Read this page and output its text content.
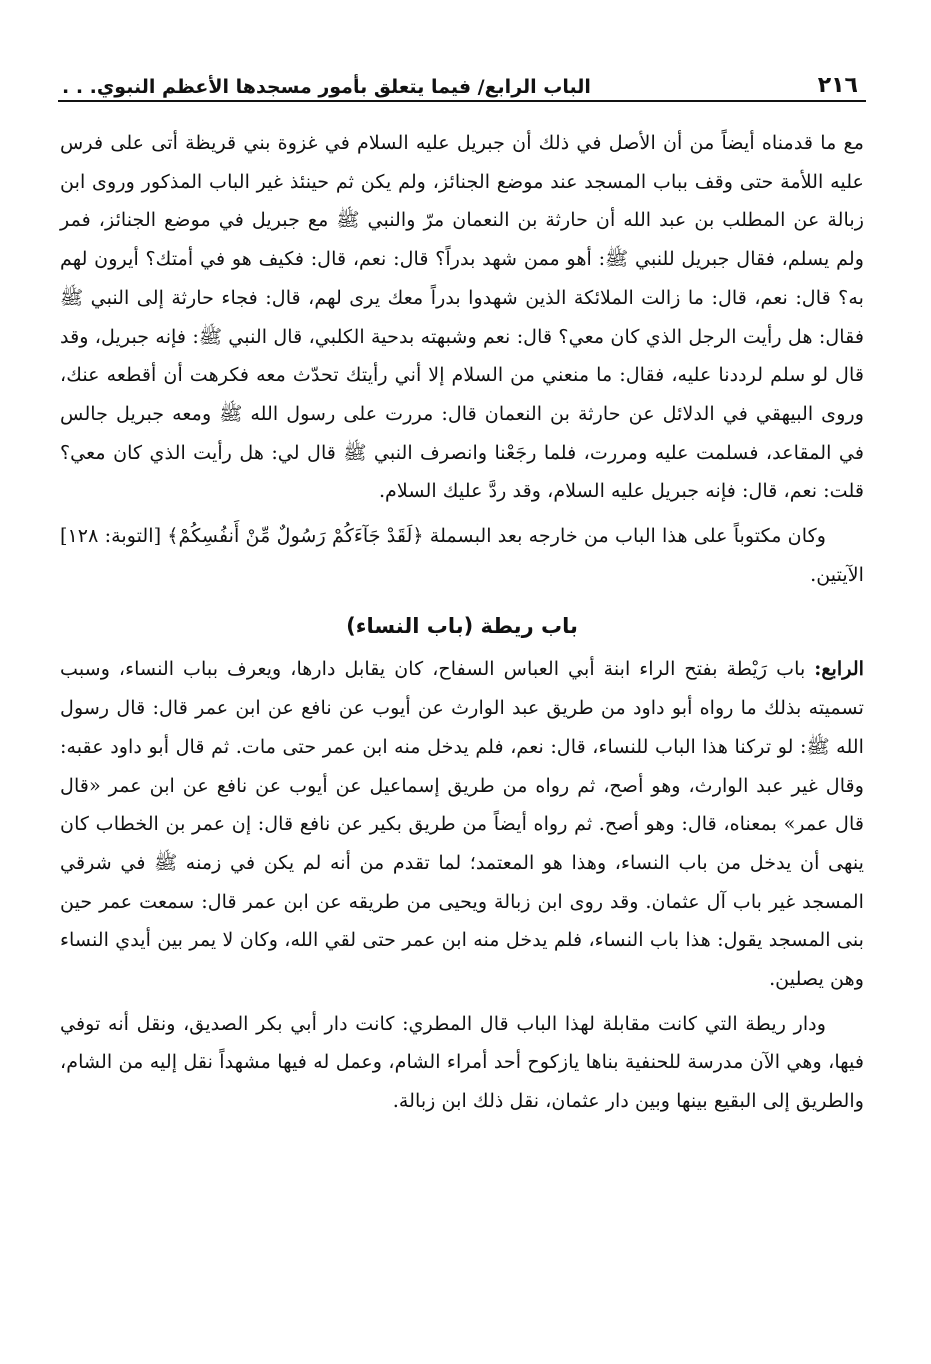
٢١٦
الباب الرابع/ فيما يتعلق بأمور مسجدها الأعظم النبوي. . .

مع ما قدمناه أيضاً من أن الأصل في ذلك أن جبريل عليه السلام في غزوة بني قريظة أتى على فرس عليه اللأمة حتى وقف بباب المسجد عند موضع الجنائز، ولم يكن ثم حينئذ غير الباب المذكور وروى ابن زبالة عن المطلب بن عبد الله أن حارثة بن النعمان مرّ والنبي ﷺ مع جبريل في موضع الجنائز، فمر ولم يسلم، فقال جبريل للنبي ﷺ: أهو ممن شهد بدراً؟ قال: نعم، قال: فكيف هو في أمتك؟ أيرون لهم به؟ قال: نعم، قال: ما زالت الملائكة الذين شهدوا بدراً معك يرى لهم، قال: فجاء حارثة إلى النبي ﷺ فقال: هل رأيت الرجل الذي كان معي؟ قال: نعم وشبهته بدحية الكلبي، قال النبي ﷺ: فإنه جبريل، وقد قال لو سلم لرددنا عليه، فقال: ما منعني من السلام إلا أني رأيتك تحدّث معه فكرهت أن أقطعه عنك، وروى البيهقي في الدلائل عن حارثة بن النعمان قال: مررت على رسول الله ﷺ ومعه جبريل جالس في المقاعد، فسلمت عليه ومررت، فلما رجَعْنا وانصرف النبي ﷺ قال لي: هل رأيت الذي كان معي؟ قلت: نعم، قال: فإنه جبريل عليه السلام، وقد ردَّ عليك السلام.

وكان مكتوباً على هذا الباب من خارجه بعد البسملة ﴿لَقَدْ جَآءَكُمْ رَسُولٌ مِّنْ أَنفُسِكُمْ﴾ [التوبة: ١٢٨] الآيتين.

باب ريطة (باب النساء)

الرابع: باب رَيْطة بفتح الراء ابنة أبي العباس السفاح، كان يقابل دارها، ويعرف بباب النساء، وسبب تسميته بذلك ما رواه أبو داود من طريق عبد الوارث عن أيوب عن نافع عن ابن عمر قال: قال رسول الله ﷺ: لو تركنا هذا الباب للنساء، قال: نعم، فلم يدخل منه ابن عمر حتى مات. ثم قال أبو داود عقبه: وقال غير عبد الوارث، وهو أصح، ثم رواه من طريق إسماعيل عن أيوب عن نافع عن ابن عمر «قال قال عمر» بمعناه، قال: وهو أصح. ثم رواه أيضاً من طريق بكير عن نافع قال: إن عمر بن الخطاب كان ينهى أن يدخل من باب النساء، وهذا هو المعتمد؛ لما تقدم من أنه لم يكن في زمنه ﷺ في شرقي المسجد غير باب آل عثمان. وقد روى ابن زبالة ويحيى من طريقه عن ابن عمر قال: سمعت عمر حين بنى المسجد يقول: هذا باب النساء، فلم يدخل منه ابن عمر حتى لقي الله، وكان لا يمر بين أيدي النساء وهن يصلين.

ودار ريطة التي كانت مقابلة لهذا الباب قال المطري: كانت دار أبي بكر الصديق، ونقل أنه توفي فيها، وهي الآن مدرسة للحنفية بناها يازكوح أحد أمراء الشام، وعمل له فيها مشهداً نقل إليه من الشام، والطريق إلى البقيع بينها وبين دار عثمان، نقل ذلك ابن زبالة.
